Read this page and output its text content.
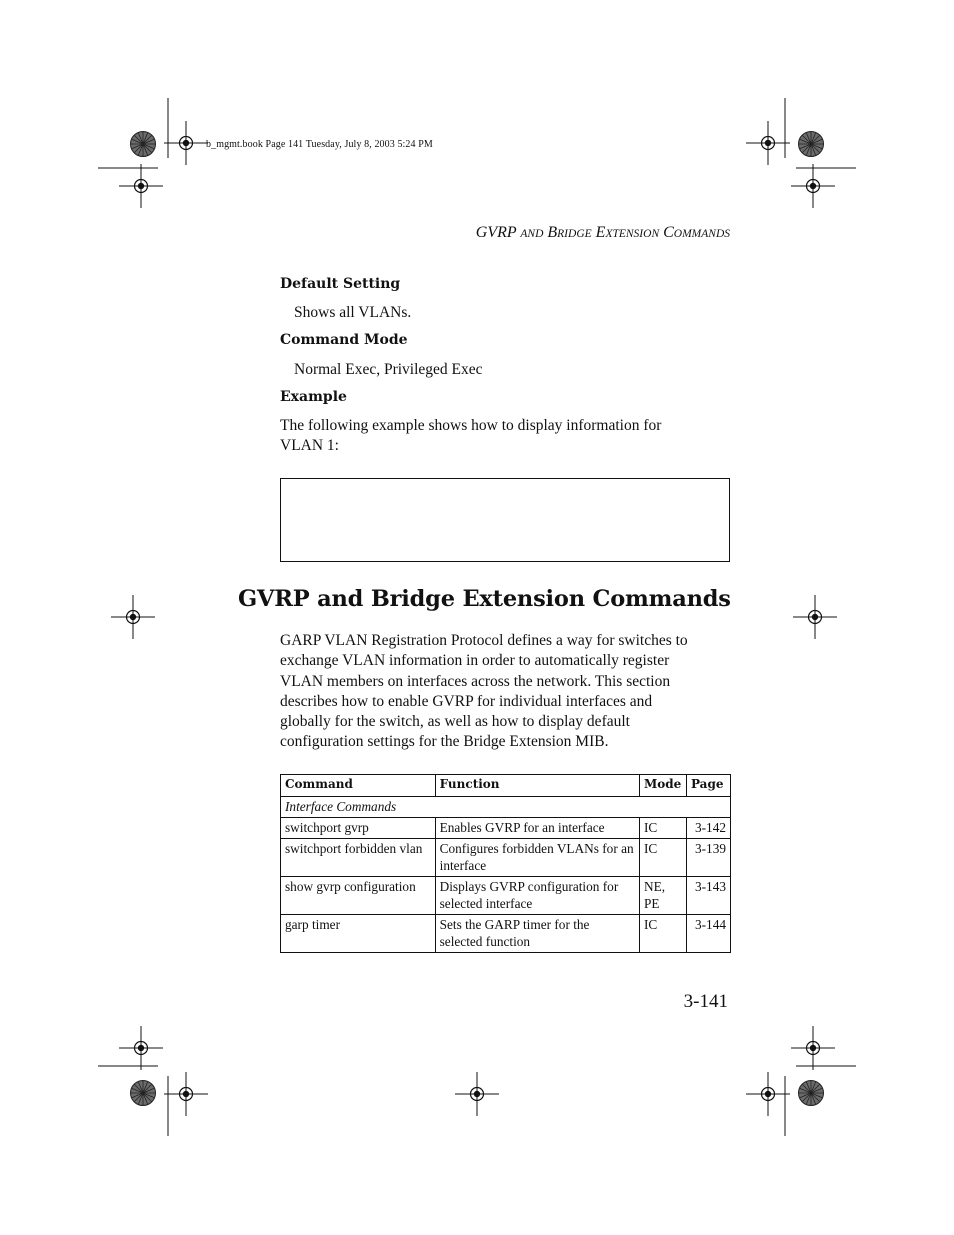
b_mgmt.book Page 141 Tuesday, July 8, 2003 5:24 PM
GVRP AND BRIDGE EXTENSION COMMANDS
Default Setting
Shows all VLANs.
Command Mode
Normal Exec, Privileged Exec
Example
The following example shows how to display information for
VLAN 1:
GVRP and Bridge Extension Commands
GARP VLAN Registration Protocol defines a way for switches to
exchange VLAN information in order to automatically register
VLAN members on interfaces across the network. This section
describes how to enable GVRP for individual interfaces and
globally for the switch, as well as how to display default
configuration settings for the Bridge Extension MIB.
Command	Function	Mode	Page
Interface Commands			
switchport gvrp	Enables GVRP for an interface	IC	3-142
switchport forbidden vlan	Configures forbidden VLANs for an interface	IC	3-139
show gvrp configuration	Displays GVRP configuration for selected interface	NE, PE	3-143
garp timer	Sets the GARP timer for the selected function	IC	3-144
3-141
